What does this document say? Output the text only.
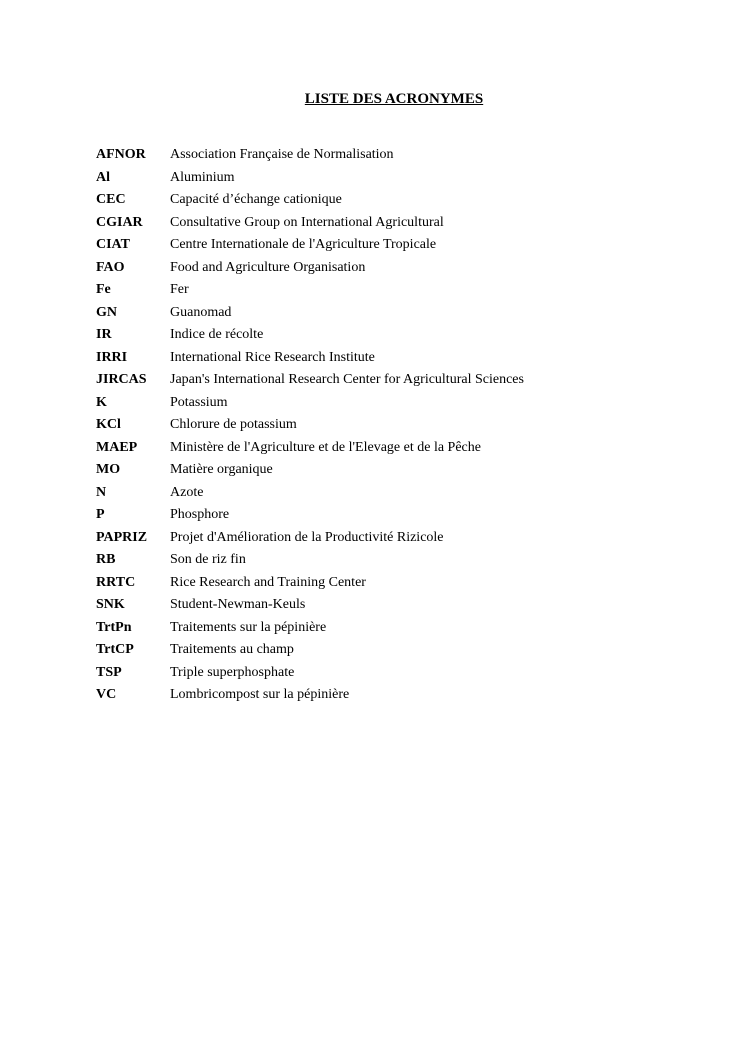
LISTE DES ACRONYMES
AFNOR	Association Française de Normalisation
Al	Aluminium
CEC	Capacité d’échange cationique
CGIAR	Consultative Group on International Agricultural
CIAT	Centre Internationale de l'Agriculture Tropicale
FAO	Food and Agriculture Organisation
Fe	Fer
GN	Guanomad
IR	Indice de récolte
IRRI	International Rice Research Institute
JIRCAS	Japan's International Research Center for Agricultural Sciences
K	Potassium
KCl	Chlorure de potassium
MAEP	Ministère de l'Agriculture et de l'Elevage et de la Pêche
MO	Matière organique
N	Azote
P	Phosphore
PAPRIZ	Projet d'Amélioration de la Productivité Rizicole
RB	Son de riz fin
RRTC	Rice Research and Training Center
SNK	Student-Newman-Keuls
TrtPn	Traitements sur la pépinière
TrtCP	Traitements au champ
TSP	Triple superphosphate
VC	Lombricompost sur la pépinière
